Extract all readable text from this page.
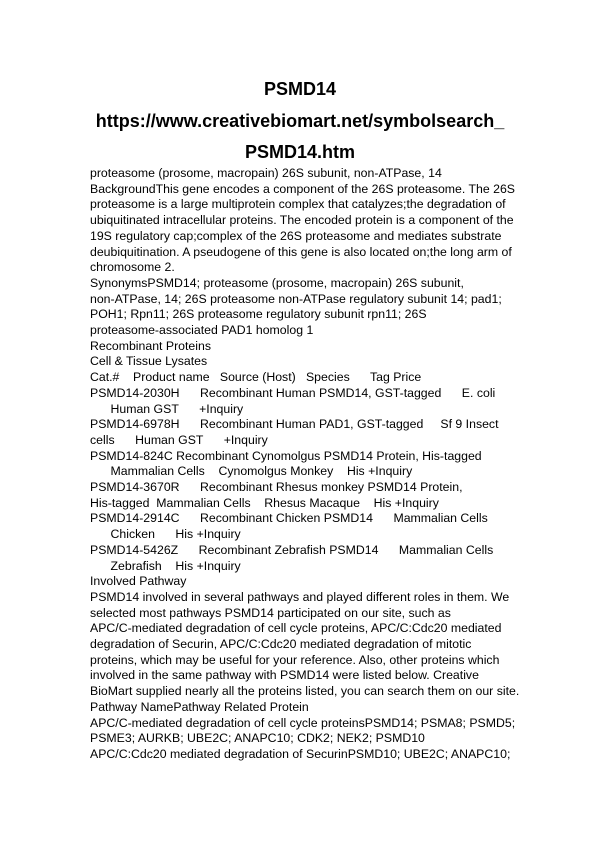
PSMD14
https://www.creativebiomart.net/symbolsearch_
PSMD14.htm
proteasome (prosome, macropain) 26S subunit, non-ATPase, 14
BackgroundThis gene encodes a component of the 26S proteasome. The 26S
proteasome is a large multiprotein complex that catalyzes;the degradation of
ubiquitinated intracellular proteins. The encoded protein is a component of the
19S regulatory cap;complex of the 26S proteasome and mediates substrate
deubiquitination. A pseudogene of this gene is also located on;the long arm of
chromosome 2.
SynonymsPSMD14; proteasome (prosome, macropain) 26S subunit,
non-ATPase, 14; 26S proteasome non-ATPase regulatory subunit 14; pad1;
POH1; Rpn11; 26S proteasome regulatory subunit rpn11; 26S
proteasome-associated PAD1 homolog 1
Recombinant Proteins
Cell & Tissue Lysates
Cat.#    Product name   Source (Host)   Species      Tag Price
PSMD14-2030H      Recombinant Human PSMD14, GST-tagged      E. coli
Human GST      +Inquiry
PSMD14-6978H      Recombinant Human PAD1, GST-tagged     Sf 9 Insect
cells      Human GST      +Inquiry
PSMD14-824C Recombinant Cynomolgus PSMD14 Protein, His-tagged
Mammalian Cells    Cynomolgus Monkey    His +Inquiry
PSMD14-3670R      Recombinant Rhesus monkey PSMD14 Protein,
His-tagged  Mammalian Cells    Rhesus Macaque    His +Inquiry
PSMD14-2914C      Recombinant Chicken PSMD14      Mammalian Cells
Chicken      His +Inquiry
PSMD14-5426Z      Recombinant Zebrafish PSMD14      Mammalian Cells
Zebrafish    His +Inquiry
Involved Pathway
PSMD14 involved in several pathways and played different roles in them. We
selected most pathways PSMD14 participated on our site, such as
APC/C-mediated degradation of cell cycle proteins, APC/C:Cdc20 mediated
degradation of Securin, APC/C:Cdc20 mediated degradation of mitotic
proteins, which may be useful for your reference. Also, other proteins which
involved in the same pathway with PSMD14 were listed below. Creative
BioMart supplied nearly all the proteins listed, you can search them on our site.
Pathway NamePathway Related Protein
APC/C-mediated degradation of cell cycle proteinsPSMD14; PSMA8; PSMD5;
PSME3; AURKB; UBE2C; ANAPC10; CDK2; NEK2; PSMD10
APC/C:Cdc20 mediated degradation of SecurinPSMD10; UBE2C; ANAPC10;
